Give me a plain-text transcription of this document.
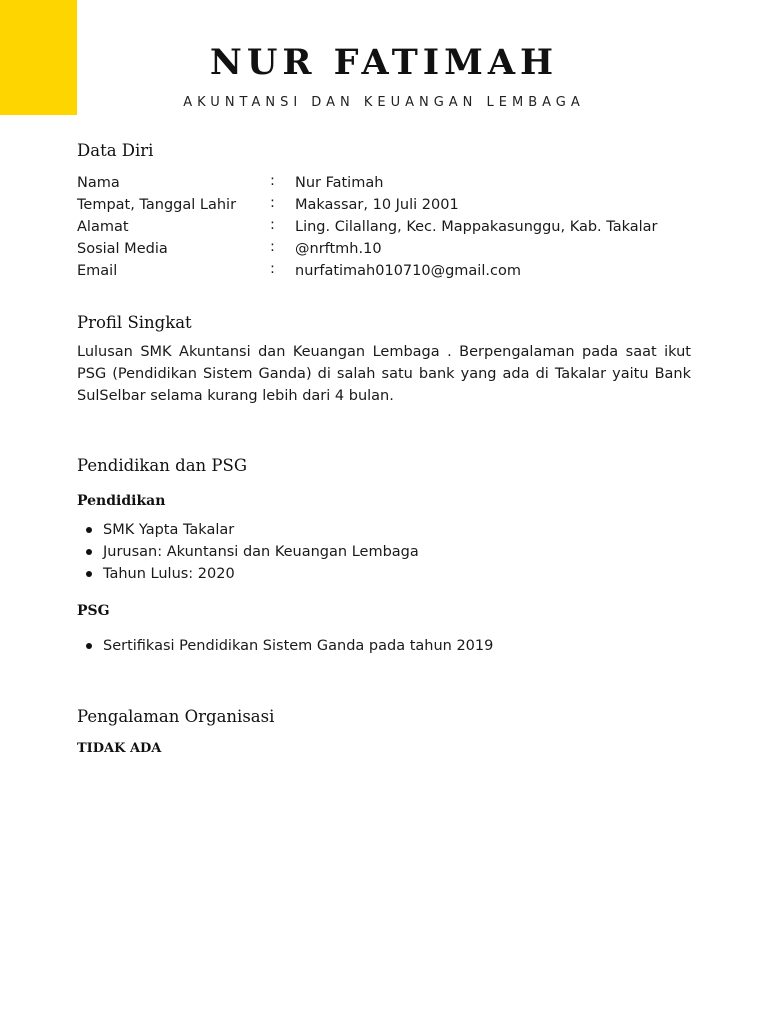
NUR FATIMAH

AKUNTANSI DAN KEUANGAN LEMBAGA

Data Diri
Nama	: Nur Fatimah
Tempat, Tanggal Lahir : Makassar, 10 Juli 2001
Alamat	: Ling. Cilallang, Kec. Mappakasunggu, Kab. Takalar
Sosial Media	: @nrftmh.10
Email	: nurfatimah010710@gmail.com
Profil Singkat

Lulusan SMK Akuntansi dan Keuangan Lembaga . Berpengalaman pada saat ikut PSG (Pendidikan Sistem Ganda) di salah satu bank yang ada di Takalar yaitu Bank SulSelbar selama kurang lebih dari 4 bulan.

Pendidikan dan PSG
Pendidikan
SMK Yapta Takalar
Jurusan: Akuntansi dan Keuangan Lembaga
Tahun Lulus: 2020
PSG
Sertifikasi Pendidikan Sistem Ganda pada tahun 2019
Pengalaman Organisasi

TIDAK ADA
